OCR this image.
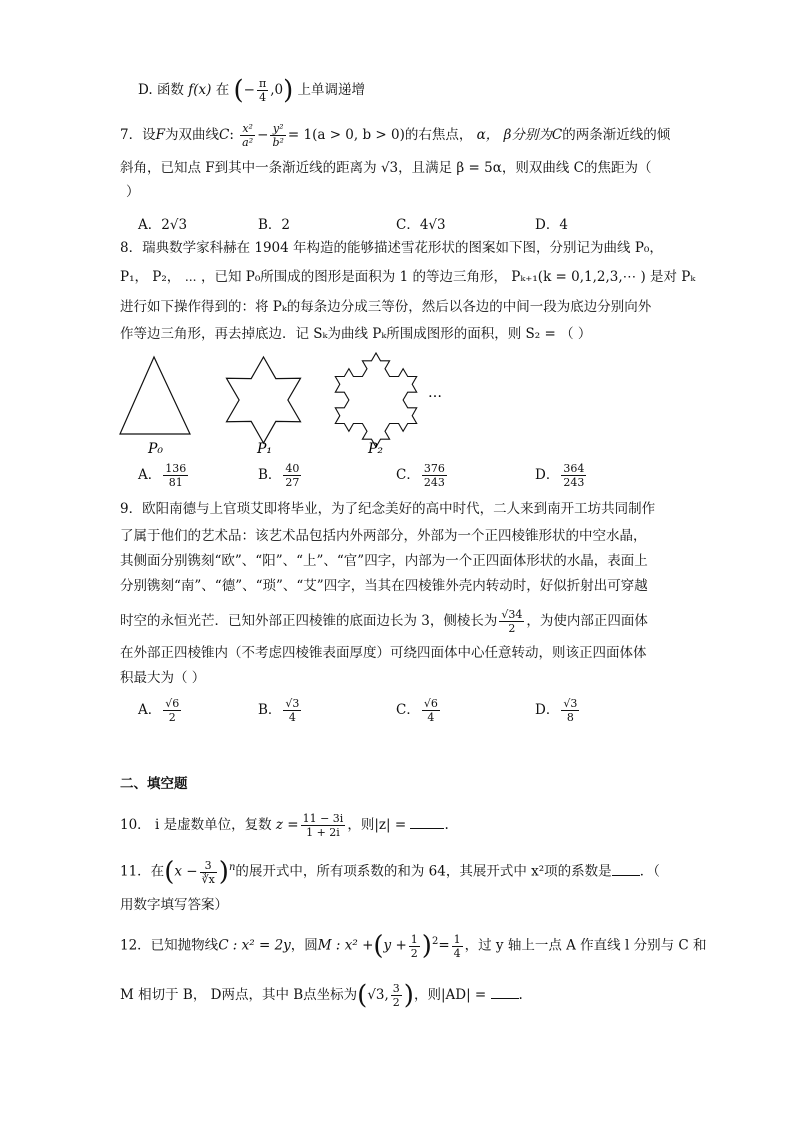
D. 函数 f(x) 在 (− $\frac{\pi}{4} ,0$) 上单调递增
7．设F为双曲线C: $\frac{\text{x²}}{\text{a²}} - \frac{\text{y²}}{\text{b²}} = 1(a > 0$, b > 0)的右焦点， α， β分别为C的两条渐近线的倾
斜角，已知点 F到其中一条渐近线的距离为 √3，且满足 β = 5α，则双曲线 C的焦距为（
）
A．2√3	B．2	C．4√3	D．4
8．瑞典数学家科赫在 1904 年构造的能够描述雪花形状的图案如下图，分别记为曲线 P₀，
P₁， P₂， ⋯ ，已知 P₀所围成的图形是面积为 1 的等边三角形， Pₖ₊₁(k = 0,1,2,3,⋯ ) 是对 Pₖ
进行如下操作得到的：将 Pₖ的每条边分成三等份，然后以各边的中间一段为底边分别向外
作等边三角形，再去掉底边．记 Sₖ为曲线 Pₖ所围成图形的面积，则 S₂ = （ ）
P₀	P₁	P₂
…
A． $\frac{136}{81}$	B． $\frac{40}{27}$	C． $\frac{376}{243}$	D． $\frac{364}{243}$
9．欧阳南德与上官琐艾即将毕业，为了纪念美好的高中时代，二人来到南开工坊共同制作
了属于他们的艺术品：该艺术品包括内外两部分，外部为一个正四棱锥形状的中空水晶，
其侧面分别镌刻“欧”、“阳”、“上”、“官”四字，内部为一个正四面体形状的水晶，表面上
分别镌刻“南”、“德”、“琐”、“艾”四字，当其在四棱锥外壳内转动时，好似折射出可穿越
时空的永恒光芒．已知外部正四棱锥的底面边长为 3，侧棱长为 $\frac{√34}{2}$ ，为使内部正四面体
在外部正四棱锥内（不考虑四棱锥表面厚度）可绕四面体中心任意转动，则该正四面体体
积最大为（ ）
A． $\frac{√6}{2}$	B． $\frac{√3}{4}$	C． $\frac{√6}{4}$	D． $\frac{√3}{8}$
二、填空题
10． i 是虚数单位，复数 $z = \frac{11 - 3i}{1 + 2i}$ ，则|z| =	.
11．在$(x - \frac{3}{∛x} )^n$的展开式中，所有项系数的和为 64，其展开式中 x²项的系数是 ．（
用数字填写答案）
12．已知抛物线C : x² = 2y，圆M : $x^2 +(y + \frac{1}{2} )^2= \frac{1}{4}$ ，过 y 轴上一点 A 作直线 l 分别与 C 和
M 相切于 B， D两点，其中 B点坐标为(√3, $\frac{3}{2}$ )，则|AD| = .
